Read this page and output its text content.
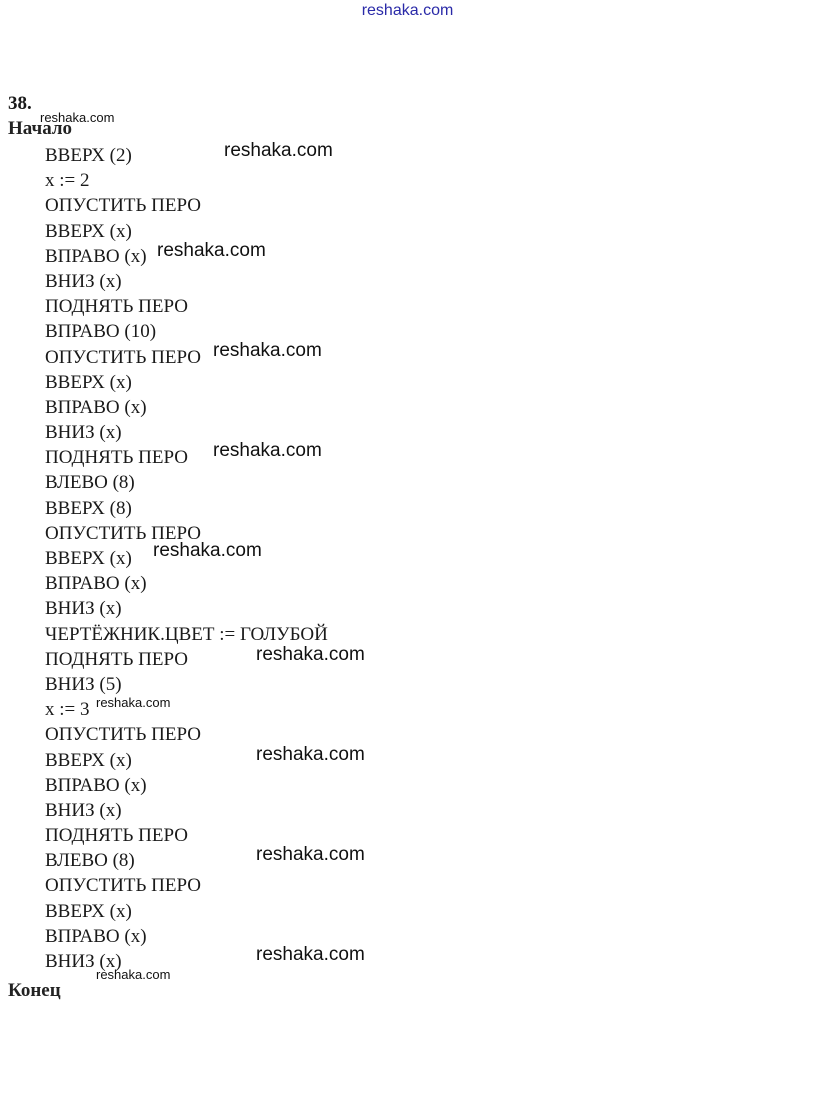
reshaka.com
38.
Начало
ВВЕРХ (2)
x := 2
ОПУСТИТЬ ПЕРО
ВВЕРХ (x)
ВПРАВО (x)
ВНИЗ (x)
ПОДНЯТЬ ПЕРО
ВПРАВО (10)
ОПУСТИТЬ ПЕРО
ВВЕРХ (x)
ВПРАВО (x)
ВНИЗ (x)
ПОДНЯТЬ ПЕРО
ВЛЕВО (8)
ВВЕРХ (8)
ОПУСТИТЬ ПЕРО
ВВЕРХ (x)
ВПРАВО (x)
ВНИЗ (x)
ЧЕРТЁЖНИК.ЦВЕТ := ГОЛУБОЙ
ПОДНЯТЬ ПЕРО
ВНИЗ (5)
x := 3
ОПУСТИТЬ ПЕРО
ВВЕРХ (x)
ВПРАВО (x)
ВНИЗ (x)
ПОДНЯТЬ ПЕРО
ВЛЕВО (8)
ОПУСТИТЬ ПЕРО
ВВЕРХ (x)
ВПРАВО (x)
ВНИЗ (x)
Конец
reshaka.com
reshaka.com
reshaka.com
reshaka.com
reshaka.com
reshaka.com
reshaka.com
reshaka.com
reshaka.com
reshaka.com
reshaka.com
reshaka.com
